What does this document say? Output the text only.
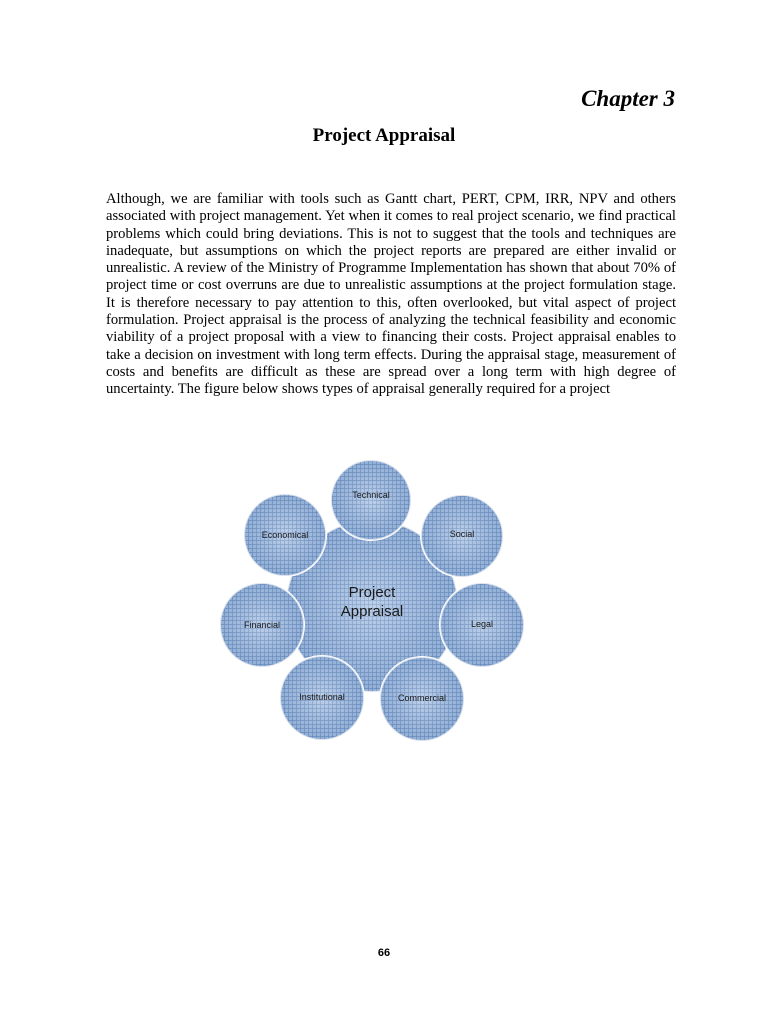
Chapter 3
Project Appraisal

Although, we are familiar with tools such as Gantt chart, PERT, CPM, IRR, NPV and others associated with project management. Yet when it comes to real project scenario, we find practical problems which could bring deviations. This is not to suggest that the tools and techniques are inadequate, but assumptions on which the project reports are prepared are either invalid or unrealistic. A review of the Ministry of Programme Implementation has shown that about 70% of project time or cost overruns are due to unrealistic assumptions at the project formulation stage. It is therefore necessary to pay attention to this, often overlooked, but vital aspect of project formulation. Project appraisal is the process of analyzing the technical feasibility and economic viability of a project proposal with a view to financing their costs. Project appraisal enables to take a decision on investment with long term effects. During the appraisal stage, measurement of costs and benefits are difficult as these are spread over a long term with high degree of uncertainty. The figure below shows types of appraisal generally required for a project

Technical
Social
Legal
Commercial
Institutional
Financial
Economical
Project
Appraisal
66
